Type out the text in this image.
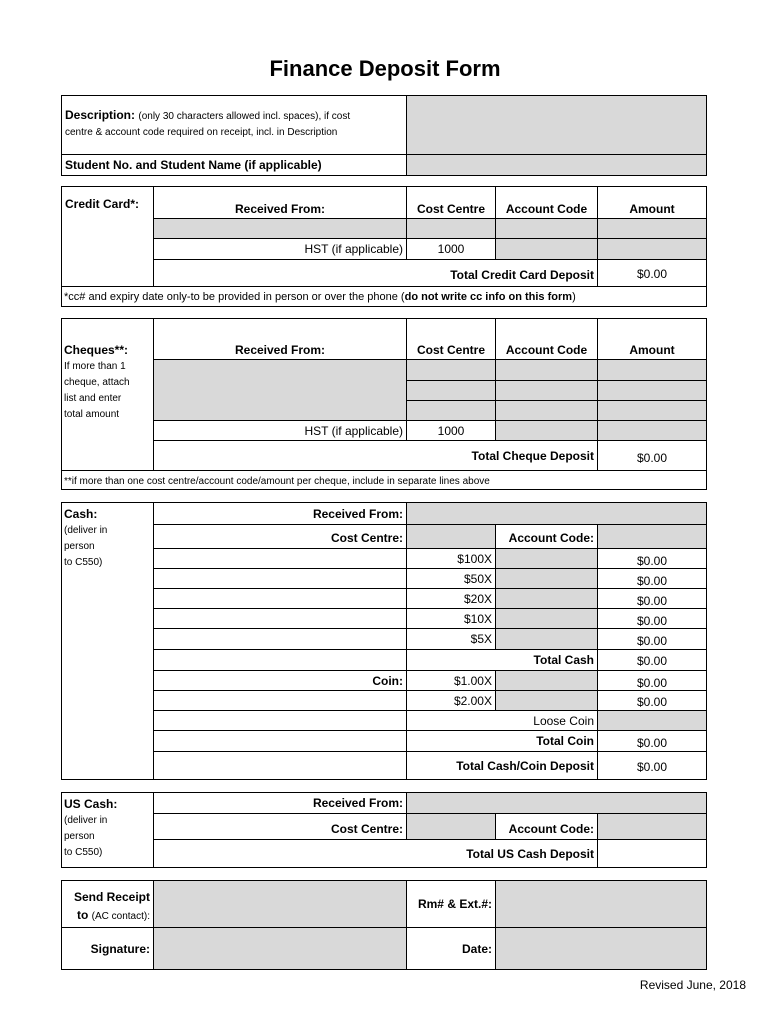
Finance Deposit Form
Description: (only 30 characters allowed incl. spaces), if cost
centre & account code required on receipt, incl. in Description
Student No. and Student Name (if applicable)
Credit Card*:	Received From:	Cost Centre	Account Code	Amount
HST (if applicable)	1000
Total Credit Card Deposit	$0.00
*cc# and expiry date only-to be provided in person or over the phone (do not write cc info on this form)
Cheques**:
If more than 1
cheque, attach
list and enter
total amount
Received From:	Cost Centre	Account Code	Amount
HST (if applicable)	1000
Total Cheque Deposit	$0.00
**if more than one cost centre/account code/amount per cheque, include in separate lines above
Cash:
(deliver in
person
to C550)
Received From:
Cost Centre:	Account Code:
$100X	$0.00
$50X	$0.00
$20X	$0.00
$10X	$0.00
$5X	$0.00
Total Cash	$0.00
Coin:	$1.00X	$0.00
$2.00X	$0.00
Loose Coin
Total Coin	$0.00
Total Cash/Coin Deposit	$0.00
US Cash:
(deliver in
person
to C550)
Received From:
Cost Centre:	Account Code:
Total US Cash Deposit
Send Receipt
to (AC contact):
Rm# & Ext.#:
Signature:	Date:
Revised June, 2018
